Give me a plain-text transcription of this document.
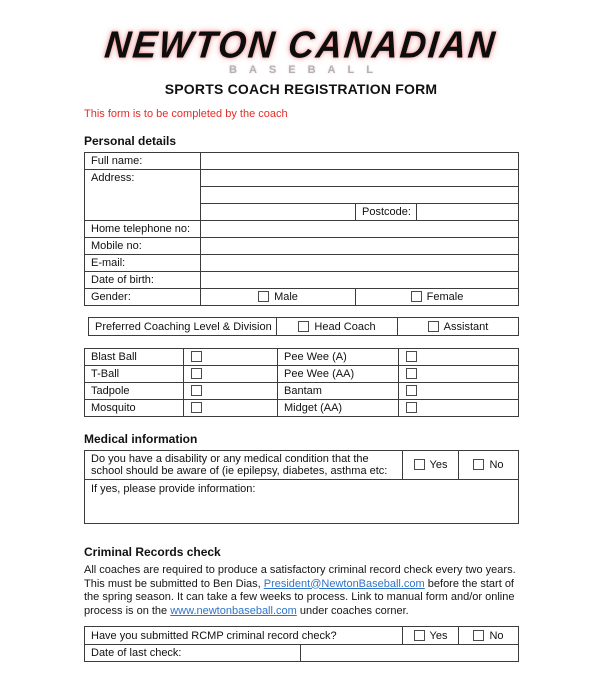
NEWTON CANADIAN
BASEBALL
SPORTS COACH REGISTRATION FORM
This form is to be completed by the coach
Personal details
Full name:			
Address:			

		Postcode:	
Home telephone no:			
Mobile no:			
E-mail:			
Date of birth:			
Gender:	Male	Female	
Preferred Coaching Level & Division	Head Coach	Assistant
Blast Ball		Pee Wee (A)	
T-Ball		Pee Wee (AA)	
Tadpole		Bantam	
Mosquito		Midget (AA)	
Medical information
Do you have a disability or any medical condition that the school should be aware of (ie epilepsy, diabetes, asthma etc:	Yes	No
If yes, please provide information:
Criminal Records check

All coaches are required to produce a satisfactory criminal record check every two years. This must be submitted to Ben Dias, President@NewtonBaseball.com before the start of the spring season. It can take a few weeks to process. Link to manual form and/or online process is on the www.newtonbaseball.com under coaches corner.

Have you submitted RCMP criminal record check?		Yes	No
Date of last check:			
